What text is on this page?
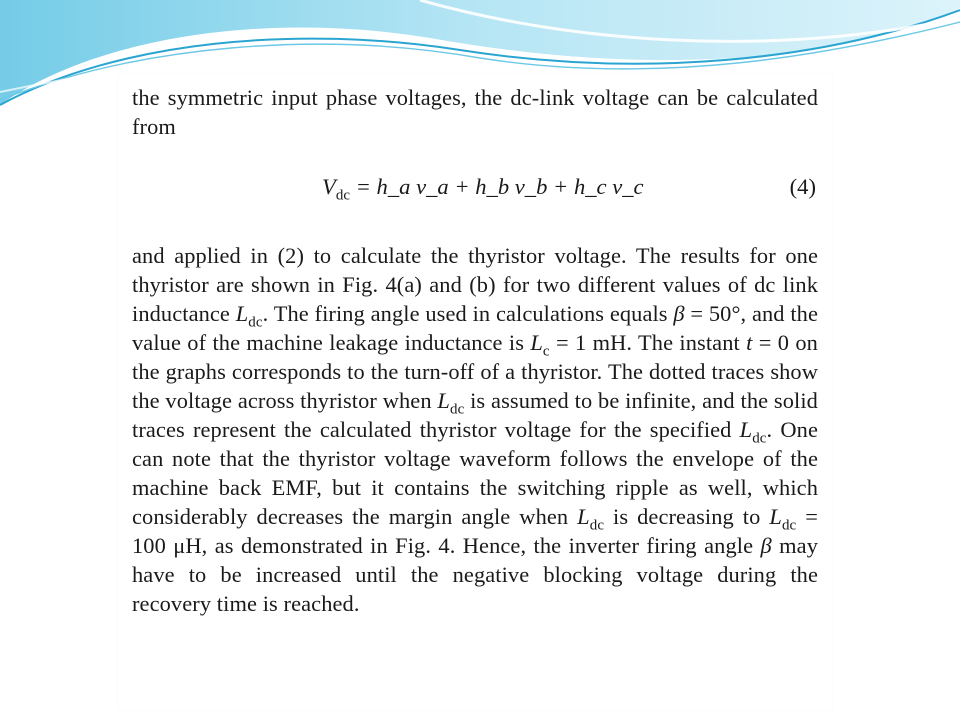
the symmetric input phase voltages, the dc-link voltage can be calculated from
$V_{dc}$ = h_a v_a + h_b v_b + h_c v_c	(4)
and applied in (2) to calculate the thyristor voltage. The results for one thyristor are shown in Fig. 4(a) and (b) for two different values of dc link inductance $L_{dc}$. The firing angle used in calculations equals β = 50°, and the value of the machine leakage inductance is $L_c = 1$ mH. The instant t = 0 on the graphs corresponds to the turn-off of a thyristor. The dotted traces show the voltage across thyristor when $L_{dc}$ is assumed to be infinite, and the solid traces represent the calculated thyristor voltage for the specified $L_{dc}$. One can note that the thyristor voltage waveform follows the envelope of the machine back EMF, but it contains the switching ripple as well, which considerably decreases the margin angle when $L_{dc}$ is decreasing to $L_{dc} = 100$ μH, as demonstrated in Fig. 4. Hence, the inverter firing angle β may have to be increased until the negative blocking voltage during the recovery time is reached.
